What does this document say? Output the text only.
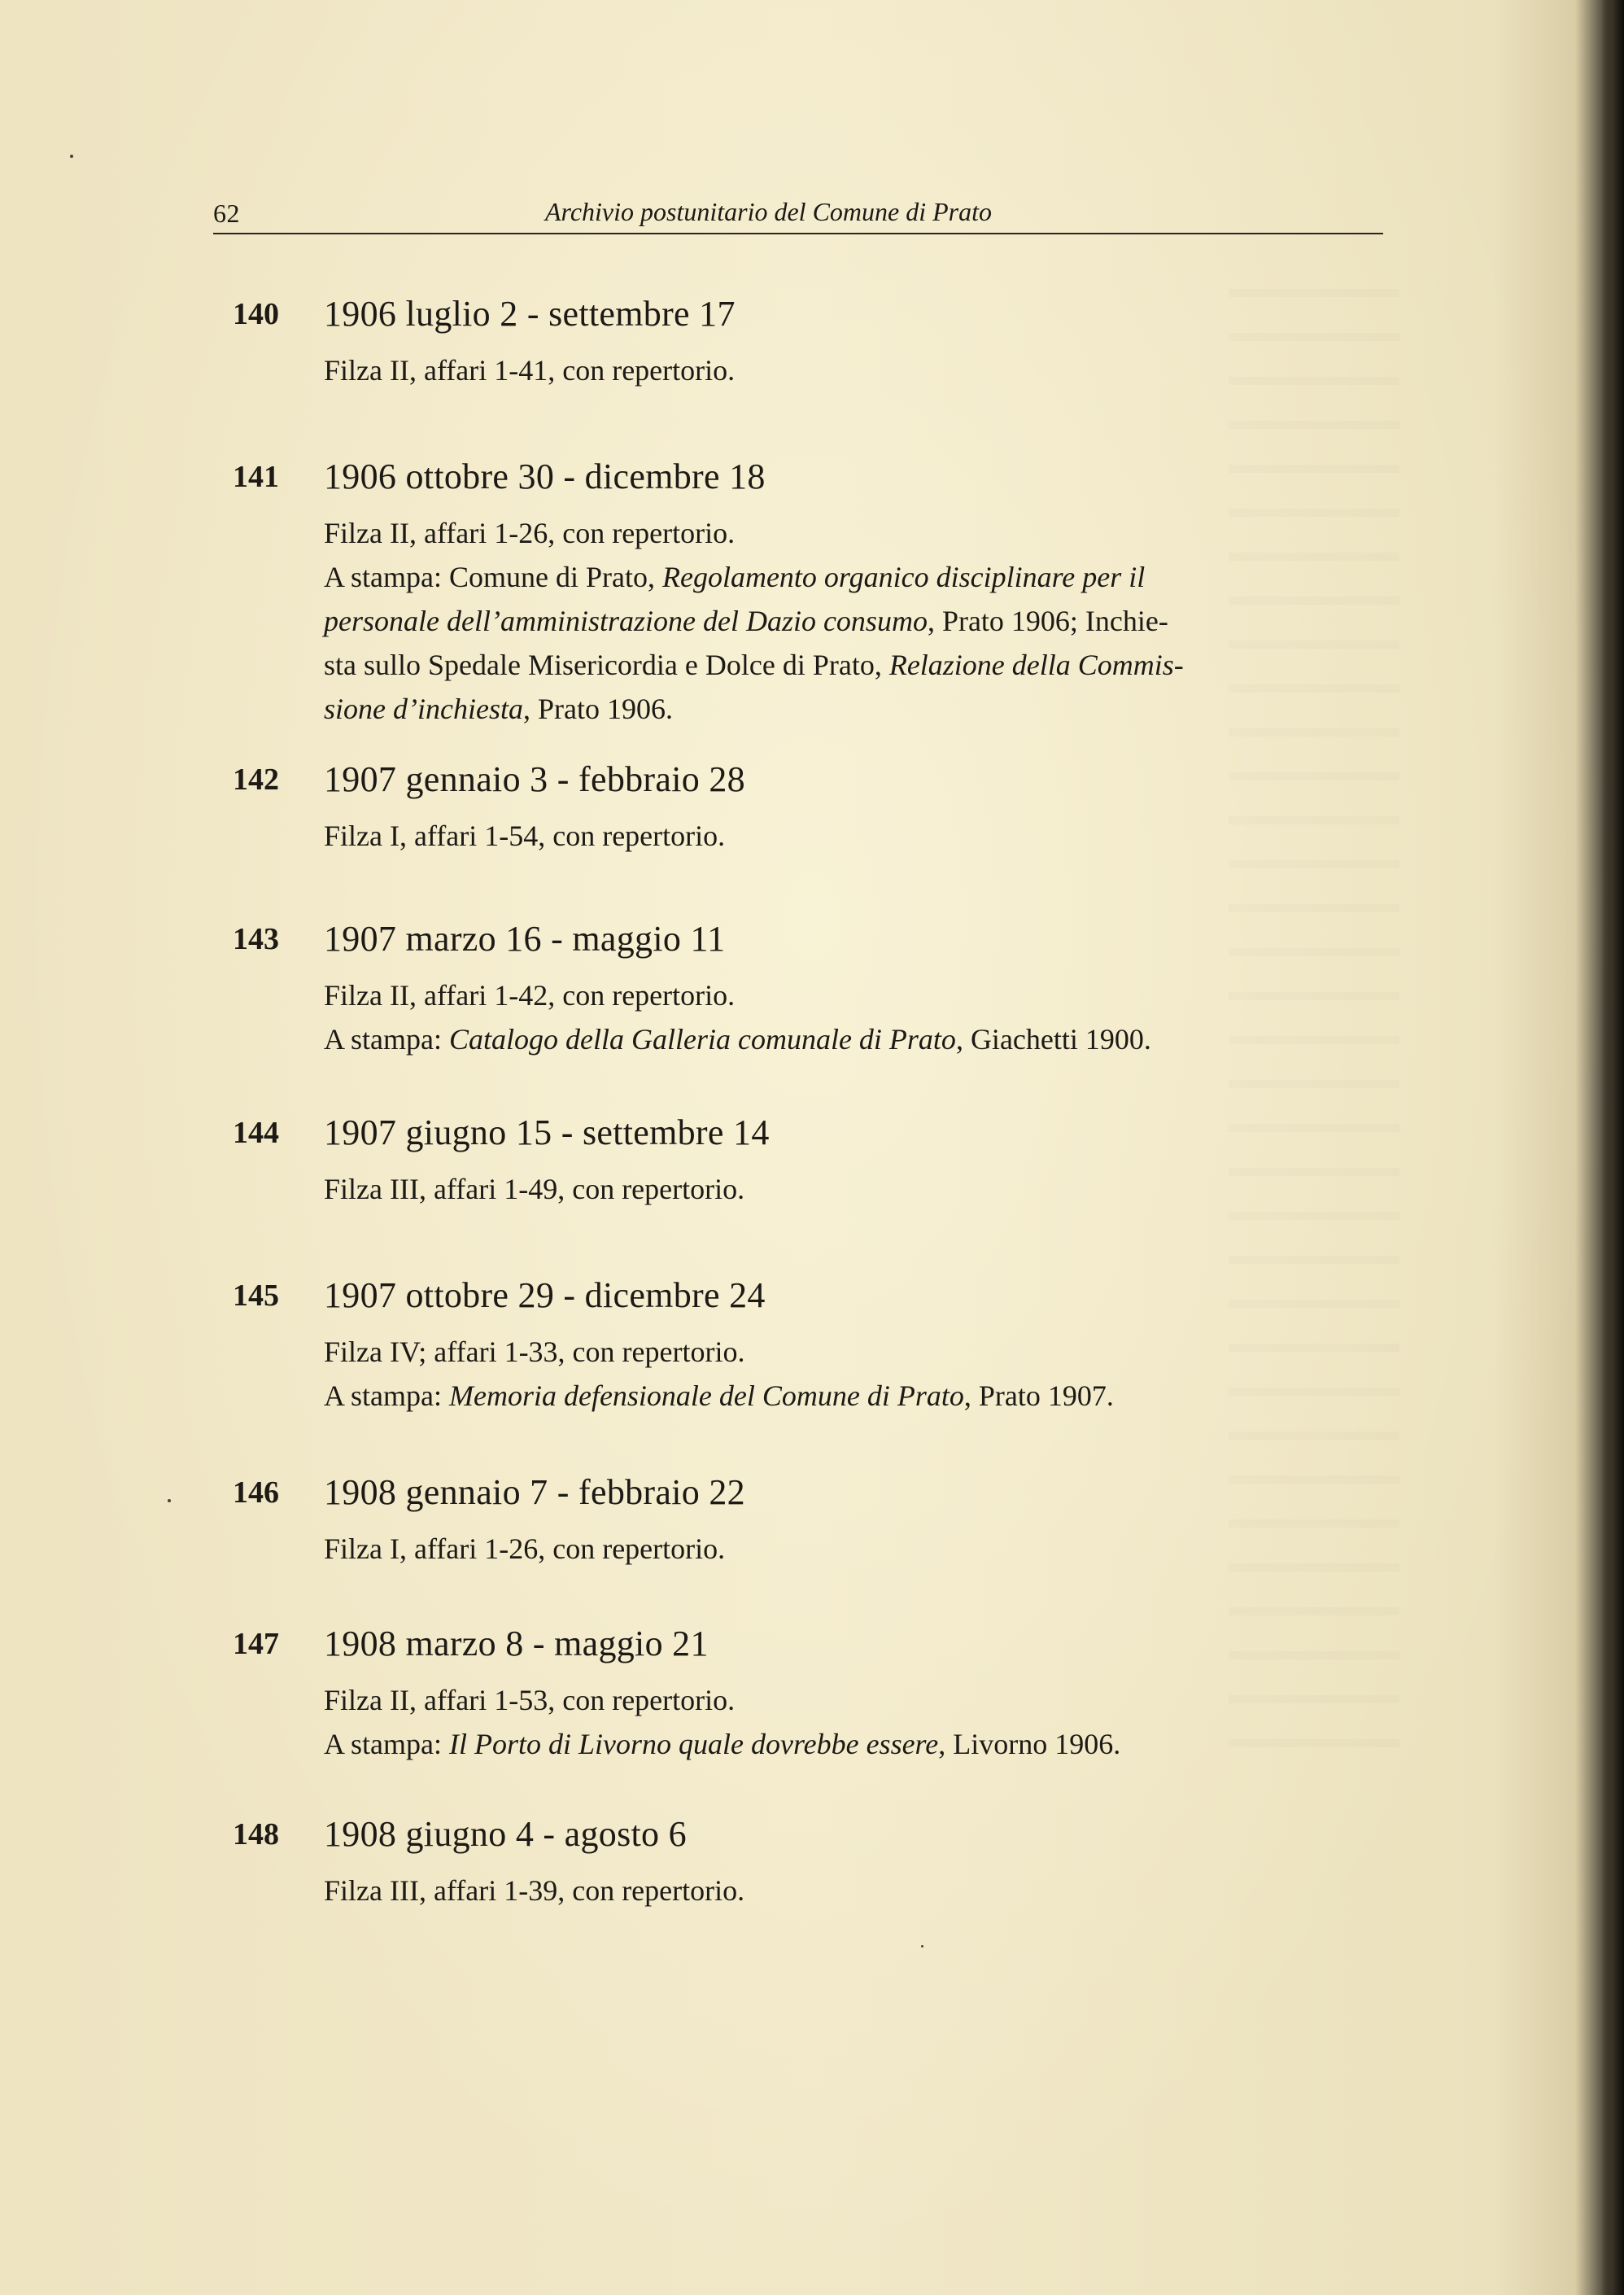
62	Archivio postunitario del Comune di Prato
140 1906 luglio 2 - settembre 17

Filza II, affari 1-41, con repertorio.

141 1906 ottobre 30 - dicembre 18

Filza II, affari 1-26, con repertorio.

A stampa: Comune di Prato, Regolamento organico disciplinare per il

personale dell’amministrazione del Dazio consumo, Prato 1906; Inchie-

sta sullo Spedale Misericordia e Dolce di Prato, Relazione della Commis-

sione d’inchiesta, Prato 1906.

142 1907 gennaio 3 - febbraio 28

Filza I, affari 1-54, con repertorio.

143 1907 marzo 16 - maggio 11

Filza II, affari 1-42, con repertorio.

A stampa: Catalogo della Galleria comunale di Prato, Giachetti 1900.

144 1907 giugno 15 - settembre 14

Filza III, affari 1-49, con repertorio.

145 1907 ottobre 29 - dicembre 24

Filza IV; affari 1-33, con repertorio.

A stampa: Memoria defensionale del Comune di Prato, Prato 1907.

146 1908 gennaio 7 - febbraio 22

Filza I, affari 1-26, con repertorio.

147 1908 marzo 8 - maggio 21

Filza II, affari 1-53, con repertorio.

A stampa: Il Porto di Livorno quale dovrebbe essere, Livorno 1906.

148 1908 giugno 4 - agosto 6

Filza III, affari 1-39, con repertorio.
